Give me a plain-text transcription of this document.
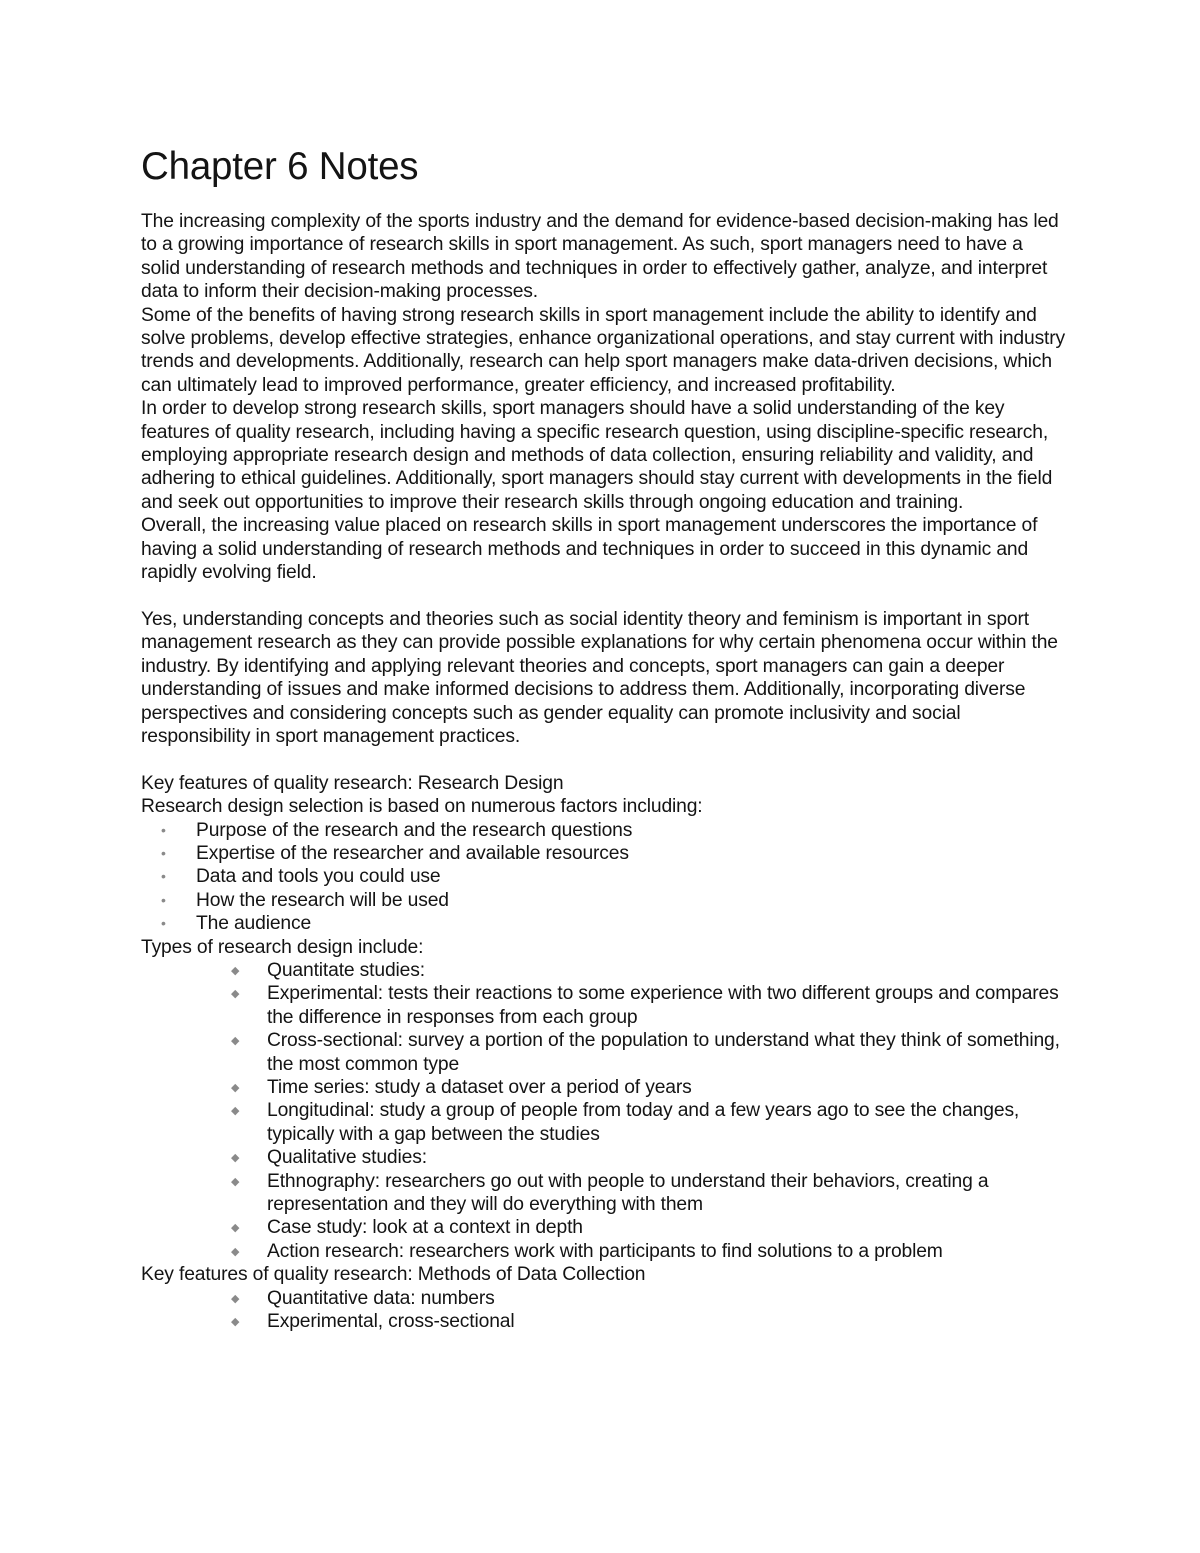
Chapter 6 Notes

The increasing complexity of the sports industry and the demand for evidence-based decision-making has led to a growing importance of research skills in sport management. As such, sport managers need to have a solid understanding of research methods and techniques in order to effectively gather, analyze, and interpret data to inform their decision-making processes.

Some of the benefits of having strong research skills in sport management include the ability to identify and solve problems, develop effective strategies, enhance organizational operations, and stay current with industry trends and developments. Additionally, research can help sport managers make data-driven decisions, which can ultimately lead to improved performance, greater efficiency, and increased profitability.

In order to develop strong research skills, sport managers should have a solid understanding of the key features of quality research, including having a specific research question, using discipline-specific research, employing appropriate research design and methods of data collection, ensuring reliability and validity, and adhering to ethical guidelines. Additionally, sport managers should stay current with developments in the field and seek out opportunities to improve their research skills through ongoing education and training.

Overall, the increasing value placed on research skills in sport management underscores the importance of having a solid understanding of research methods and techniques in order to succeed in this dynamic and rapidly evolving field.

Yes, understanding concepts and theories such as social identity theory and feminism is important in sport management research as they can provide possible explanations for why certain phenomena occur within the industry. By identifying and applying relevant theories and concepts, sport managers can gain a deeper understanding of issues and make informed decisions to address them. Additionally, incorporating diverse perspectives and considering concepts such as gender equality can promote inclusivity and social responsibility in sport management practices.

Key features of quality research: Research Design

Research design selection is based on numerous factors including:

• Purpose of the research and the research questions
• Expertise of the researcher and available resources
• Data and tools you could use
• How the research will be used
• The audience

Types of research design include:

◆ Quantitate studies:
◆ Experimental: tests their reactions to some experience with two different groups and compares the difference in responses from each group
◆ Cross-sectional: survey a portion of the population to understand what they think of something, the most common type
◆ Time series: study a dataset over a period of years
◆ Longitudinal: study a group of people from today and a few years ago to see the changes, typically with a gap between the studies
◆ Qualitative studies:
◆ Ethnography: researchers go out with people to understand their behaviors, creating a representation and they will do everything with them
◆ Case study: look at a context in depth
◆ Action research: researchers work with participants to find solutions to a problem

Key features of quality research: Methods of Data Collection

◆ Quantitative data: numbers
◆ Experimental, cross-sectional
